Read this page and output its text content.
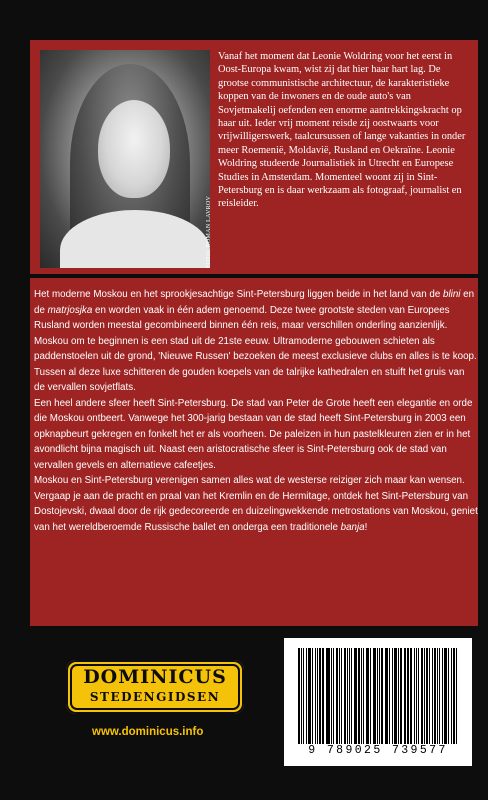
FOTO: ROMAN LAVROV
Vanaf het moment dat Leonie Woldring voor het eerst in Oost-Europa kwam, wist zij dat hier haar hart lag. De grootse communistische architectuur, de karakteristieke koppen van de inwoners en de oude auto's van Sovjetmakelij oefenden een enorme aantrekkingskracht op haar uit. Ieder vrij moment reisde zij oostwaarts voor vrijwilligerswerk, taalcursussen of lange vakanties in onder meer Roemenië, Moldavië, Rusland en Oekraïne. Leonie Woldring studeerde Journalistiek in Utrecht en Europese Studies in Amsterdam. Momenteel woont zij in Sint-Petersburg en is daar werkzaam als fotograaf, journalist en reisleider.

Het moderne Moskou en het sprookjesachtige Sint-Petersburg liggen beide in het land van de blini en de matrjosjka en worden vaak in één adem genoemd. Deze twee grootste steden van Europees Rusland worden meestal gecombineerd binnen één reis, maar verschillen onderling aanzienlijk.

Moskou om te beginnen is een stad uit de 21ste eeuw. Ultramoderne gebouwen schieten als paddenstoelen uit de grond, 'Nieuwe Russen' bezoeken de meest exclusieve clubs en alles is te koop. Tussen al deze luxe schitteren de gouden koepels van de talrijke kathedralen en stuift het gruis van de vervallen sovjetflats.

Een heel andere sfeer heeft Sint-Petersburg. De stad van Peter de Grote heeft een elegantie en orde die Moskou ontbeert. Vanwege het 300-jarig bestaan van de stad heeft Sint-Petersburg in 2003 een opknapbeurt gekregen en fonkelt het er als voorheen. De paleizen in hun pastelkleuren zien er in het avondlicht bijna magisch uit. Naast een aristocratische sfeer is Sint-Petersburg ook de stad van vervallen gevels en alternatieve cafeetjes.

Moskou en Sint-Petersburg verenigen samen alles wat de westerse reiziger zich maar kan wensen. Vergaap je aan de pracht en praal van het Kremlin en de Hermitage, ontdek het Sint-Petersburg van Dostojevski, dwaal door de rijk gedecoreerde en duizelingwekkende metrostations van Moskou, geniet van het wereldberoemde Russische ballet en onderga een traditionele banja!

DOMINICUS
STEDENGIDSEN
www.dominicus.info
9 789025 739577
